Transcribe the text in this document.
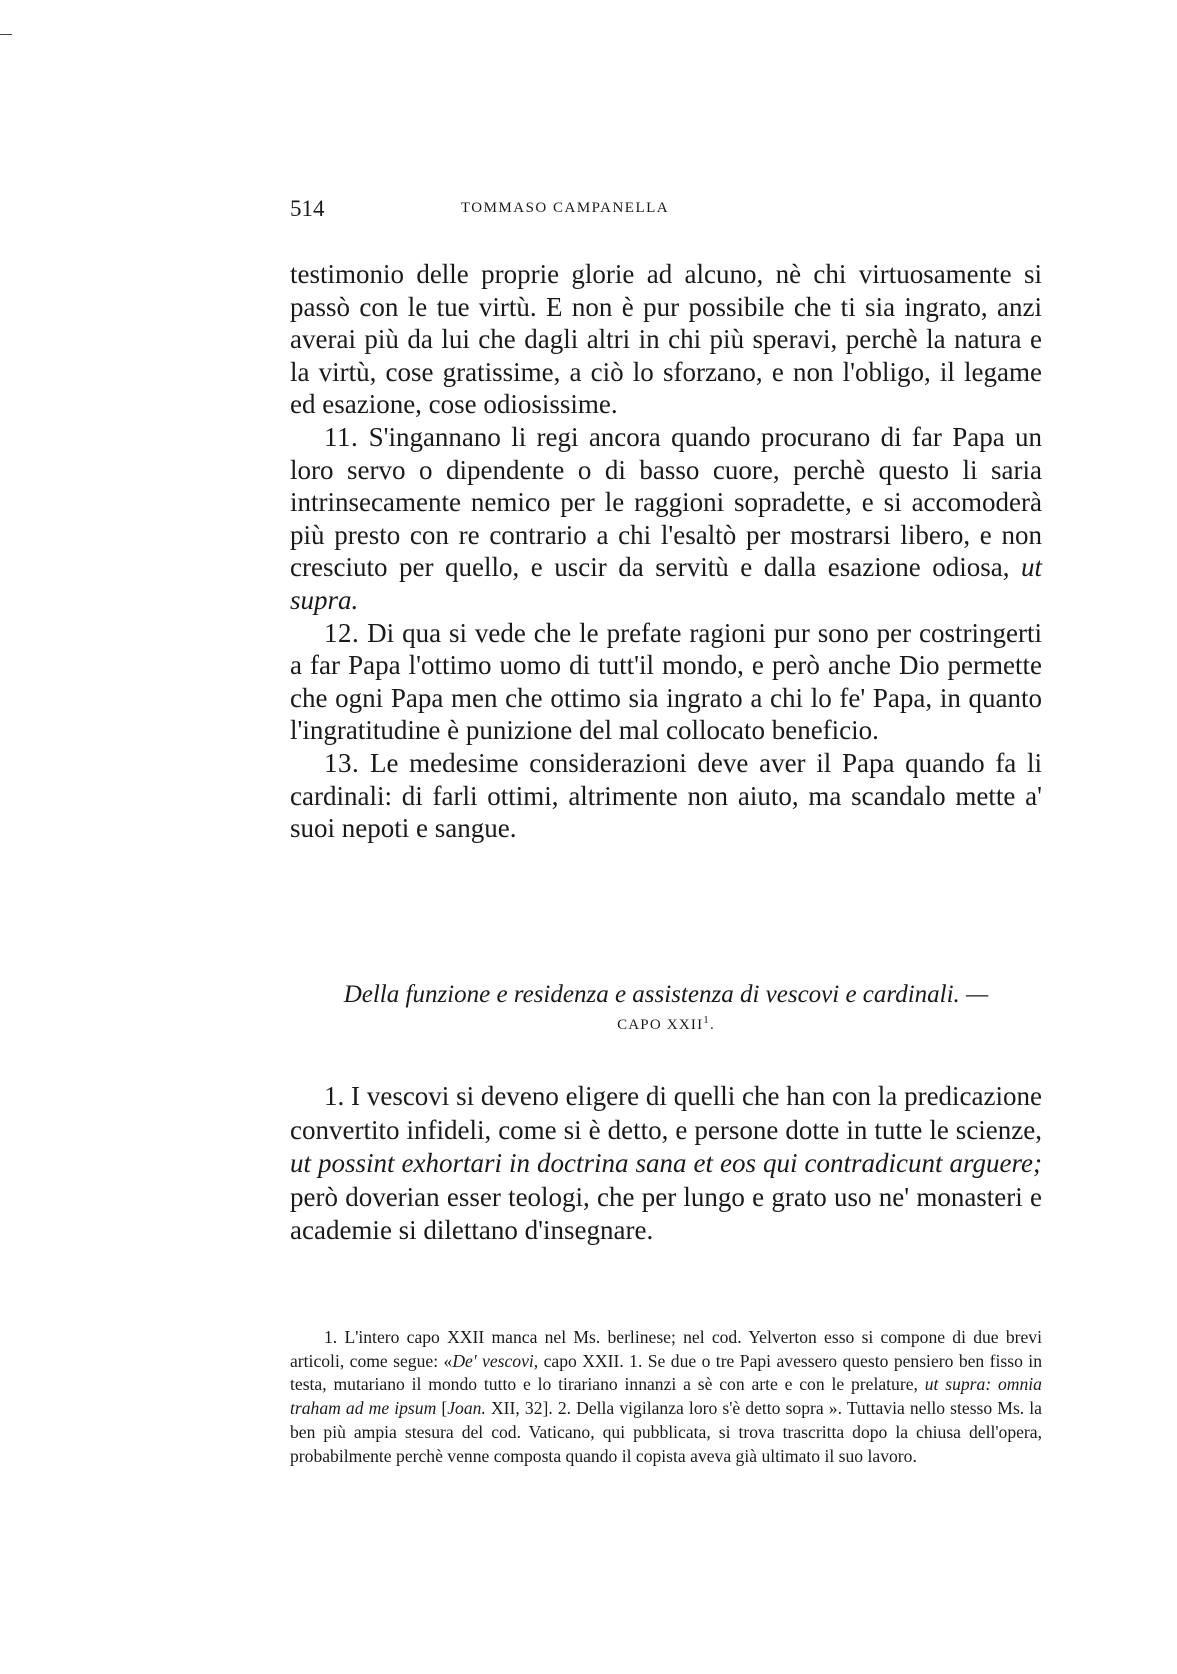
514	TOMMASO CAMPANELLA

testimonio delle proprie glorie ad alcuno, nè chi virtuosamente si passò con le tue virtù. E non è pur possibile che ti sia ingrato, anzi averai più da lui che dagli altri in chi più speravi, perchè la natura e la virtù, cose gratissime, a ciò lo sforzano, e non l'obligo, il legame ed esazione, cose odiosissime.

11. S'ingannano li regi ancora quando procurano di far Papa un loro servo o dipendente o di basso cuore, perchè questo li saria intrinsecamente nemico per le raggioni sopradette, e si accomoderà più presto con re contrario a chi l'esaltò per mostrarsi libero, e non cresciuto per quello, e uscir da servitù e dalla esazione odiosa, ut supra.

12. Di qua si vede che le prefate ragioni pur sono per costringerti a far Papa l'ottimo uomo di tutt'il mondo, e però anche Dio permette che ogni Papa men che ottimo sia ingrato a chi lo fe' Papa, in quanto l'ingratitudine è punizione del mal collocato beneficio.

13. Le medesime considerazioni deve aver il Papa quando fa li cardinali: di farli ottimi, altrimente non aiuto, ma scandalo mette a' suoi nepoti e sangue.

Della funzione e residenza e assistenza di vescovi e cardinali. —
CAPO XXII$^1$.

1. I vescovi si deveno eligere di quelli che han con la predicazione convertito infideli, come si è detto, e persone dotte in tutte le scienze, ut possint exhortari in doctrina sana et eos qui contradicunt arguere; però doverian esser teologi, che per lungo e grato uso ne' monasteri e academie si dilettano d'insegnare.

1. L'intero capo XXII manca nel Ms. berlinese; nel cod. Yelverton esso si compone di due brevi articoli, come segue: «De' vescovi, capo XXII. 1. Se due o tre Papi avessero questo pensiero ben fisso in testa, mutariano il mondo tutto e lo tirariano innanzi a sè con arte e con le prelature, ut supra: omnia traham ad me ipsum [Joan. XII, 32]. 2. Della vigilanza loro s'è detto sopra ». Tuttavia nello stesso Ms. la ben più ampia stesura del cod. Vaticano, qui pubblicata, si trova trascritta dopo la chiusa dell'opera, probabilmente perchè venne composta quando il copista aveva già ultimato il suo lavoro.
